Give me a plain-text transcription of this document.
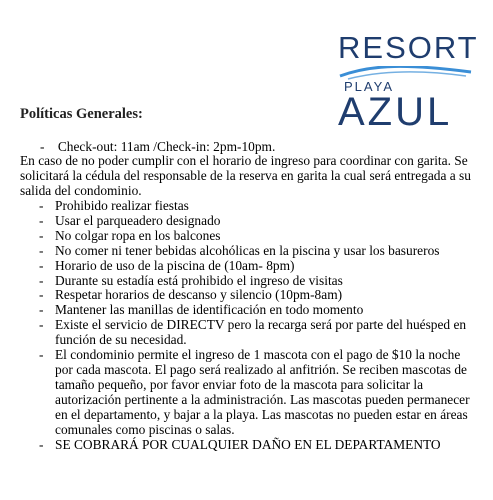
RESORT
PLAYA
AZUL
Políticas Generales:
- Check-out: 11am /Check-in: 2pm-10pm.
En caso de no poder cumplir con el horario de ingreso para coordinar con garita. Se solicitará la cédula del responsable de la reserva en garita la cual será entregada a su salida del condominio.
- Prohibido realizar fiestas
- Usar el parqueadero designado
- No colgar ropa en los balcones
- No comer ni tener bebidas alcohólicas en la piscina y usar los basureros
- Horario de uso de la piscina de (10am- 8pm)
- Durante su estadía está prohibido el ingreso de visitas
- Respetar horarios de descanso y silencio (10pm-8am)
- Mantener las manillas de identificación en todo momento
- Existe el servicio de DIRECTV pero la recarga será por parte del huésped en función de su necesidad.
- El condominio permite el ingreso de 1 mascota con el pago de $10 la noche por cada mascota. El pago será realizado al anfitrión. Se reciben mascotas de tamaño pequeño, por favor enviar foto de la mascota para solicitar la autorización pertinente a la administración. Las mascotas pueden permanecer en el departamento, y bajar a la playa. Las mascotas no pueden estar en áreas comunales como piscinas o salas.
- SE COBRARÁ POR CUALQUIER DAÑO EN EL DEPARTAMENTO
